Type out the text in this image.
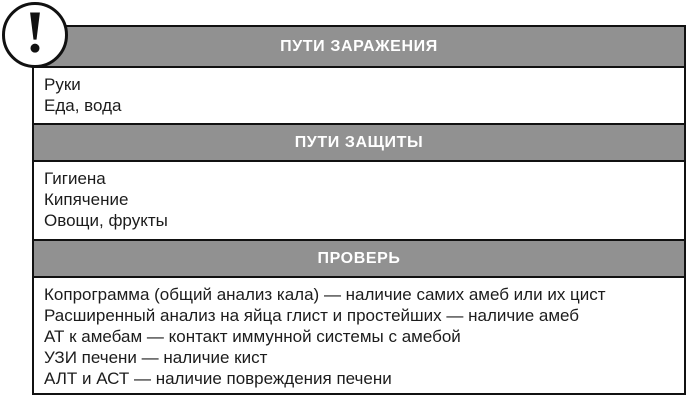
ПУТИ ЗАРАЖЕНИЯ
Руки
Еда, вода
ПУТИ ЗАЩИТЫ
Гигиена
Кипячение
Овощи, фрукты
ПРОВЕРЬ
Копрограмма (общий анализ кала) — наличие самих амеб или их цист
Расширенный анализ на яйца глист и простейших — наличие амеб
АТ к амебам — контакт иммунной системы с амебой
УЗИ печени — наличие кист
АЛТ и АСТ — наличие повреждения печени
